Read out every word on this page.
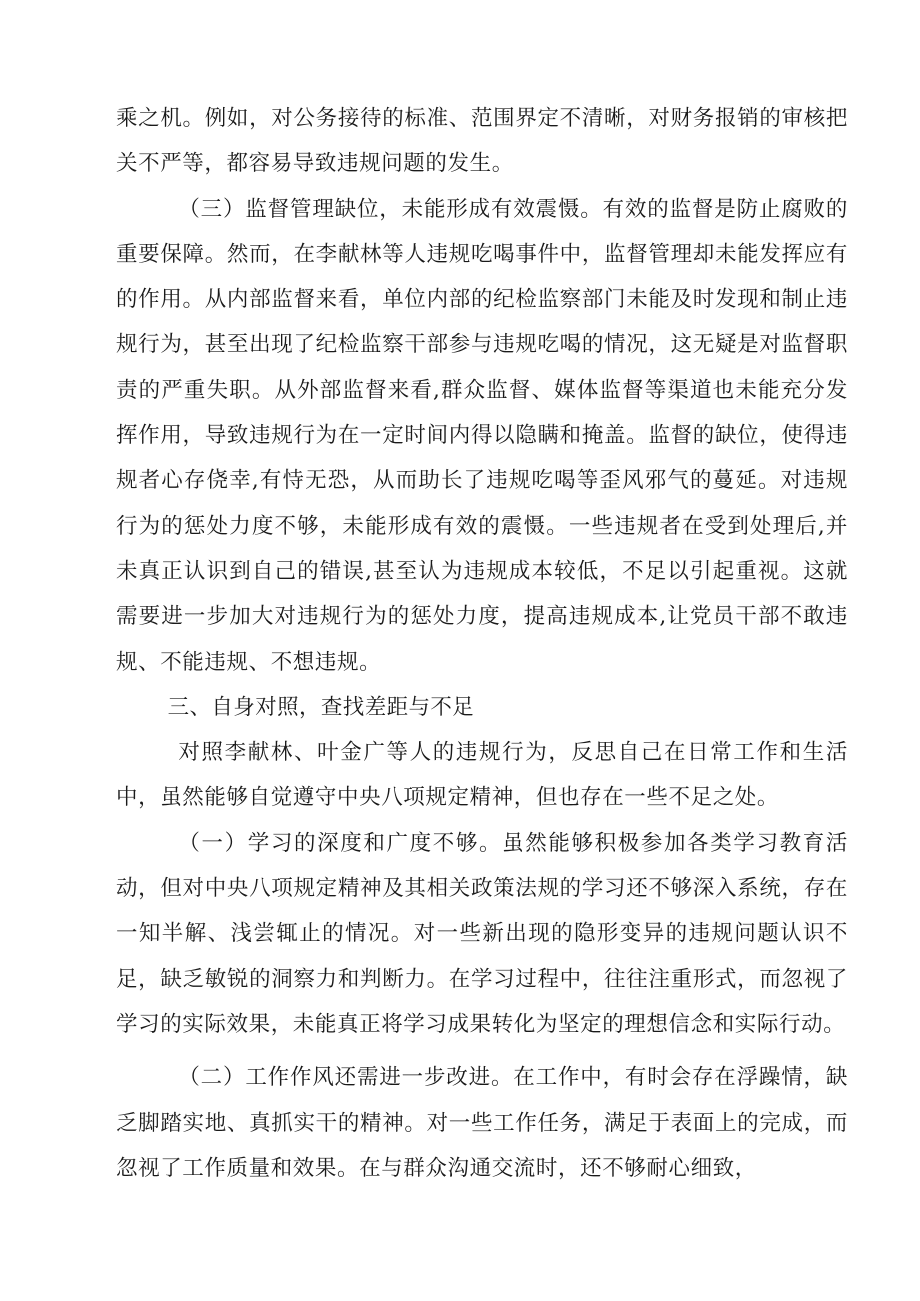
乘之机。例如，对公务接待的标准、范围界定不清晰，对财务报销的审核把关不严等，都容易导致违规问题的发生。

（三）监督管理缺位，未能形成有效震慑。有效的监督是防止腐败的重要保障。然而，在李献林等人违规吃喝事件中，监督管理却未能发挥应有的作用。从内部监督来看，单位内部的纪检监察部门未能及时发现和制止违规行为，甚至出现了纪检监察干部参与违规吃喝的情况，这无疑是对监督职责的严重失职。从外部监督来看,群众监督、媒体监督等渠道也未能充分发挥作用，导致违规行为在一定时间内得以隐瞒和掩盖。监督的缺位，使得违规者心存侥幸,有恃无恐，从而助长了违规吃喝等歪风邪气的蔓延。对违规行为的惩处力度不够，未能形成有效的震慑。一些违规者在受到处理后,并未真正认识到自己的错误,甚至认为违规成本较低，不足以引起重视。这就需要进一步加大对违规行为的惩处力度，提高违规成本,让党员干部不敢违规、不能违规、不想违规。

三、自身对照，查找差距与不足

对照李献林、叶金广等人的违规行为，反思自己在日常工作和生活中，虽然能够自觉遵守中央八项规定精神，但也存在一些不足之处。

（一）学习的深度和广度不够。虽然能够积极参加各类学习教育活动，但对中央八项规定精神及其相关政策法规的学习还不够深入系统，存在一知半解、浅尝辄止的情况。对一些新出现的隐形变异的违规问题认识不足，缺乏敏锐的洞察力和判断力。在学习过程中，往往注重形式，而忽视了学习的实际效果，未能真正将学习成果转化为坚定的理想信念和实际行动。

（二）工作作风还需进一步改进。在工作中，有时会存在浮躁情，缺乏脚踏实地、真抓实干的精神。对一些工作任务，满足于表面上的完成，而忽视了工作质量和效果。在与群众沟通交流时，还不够耐心细致，
